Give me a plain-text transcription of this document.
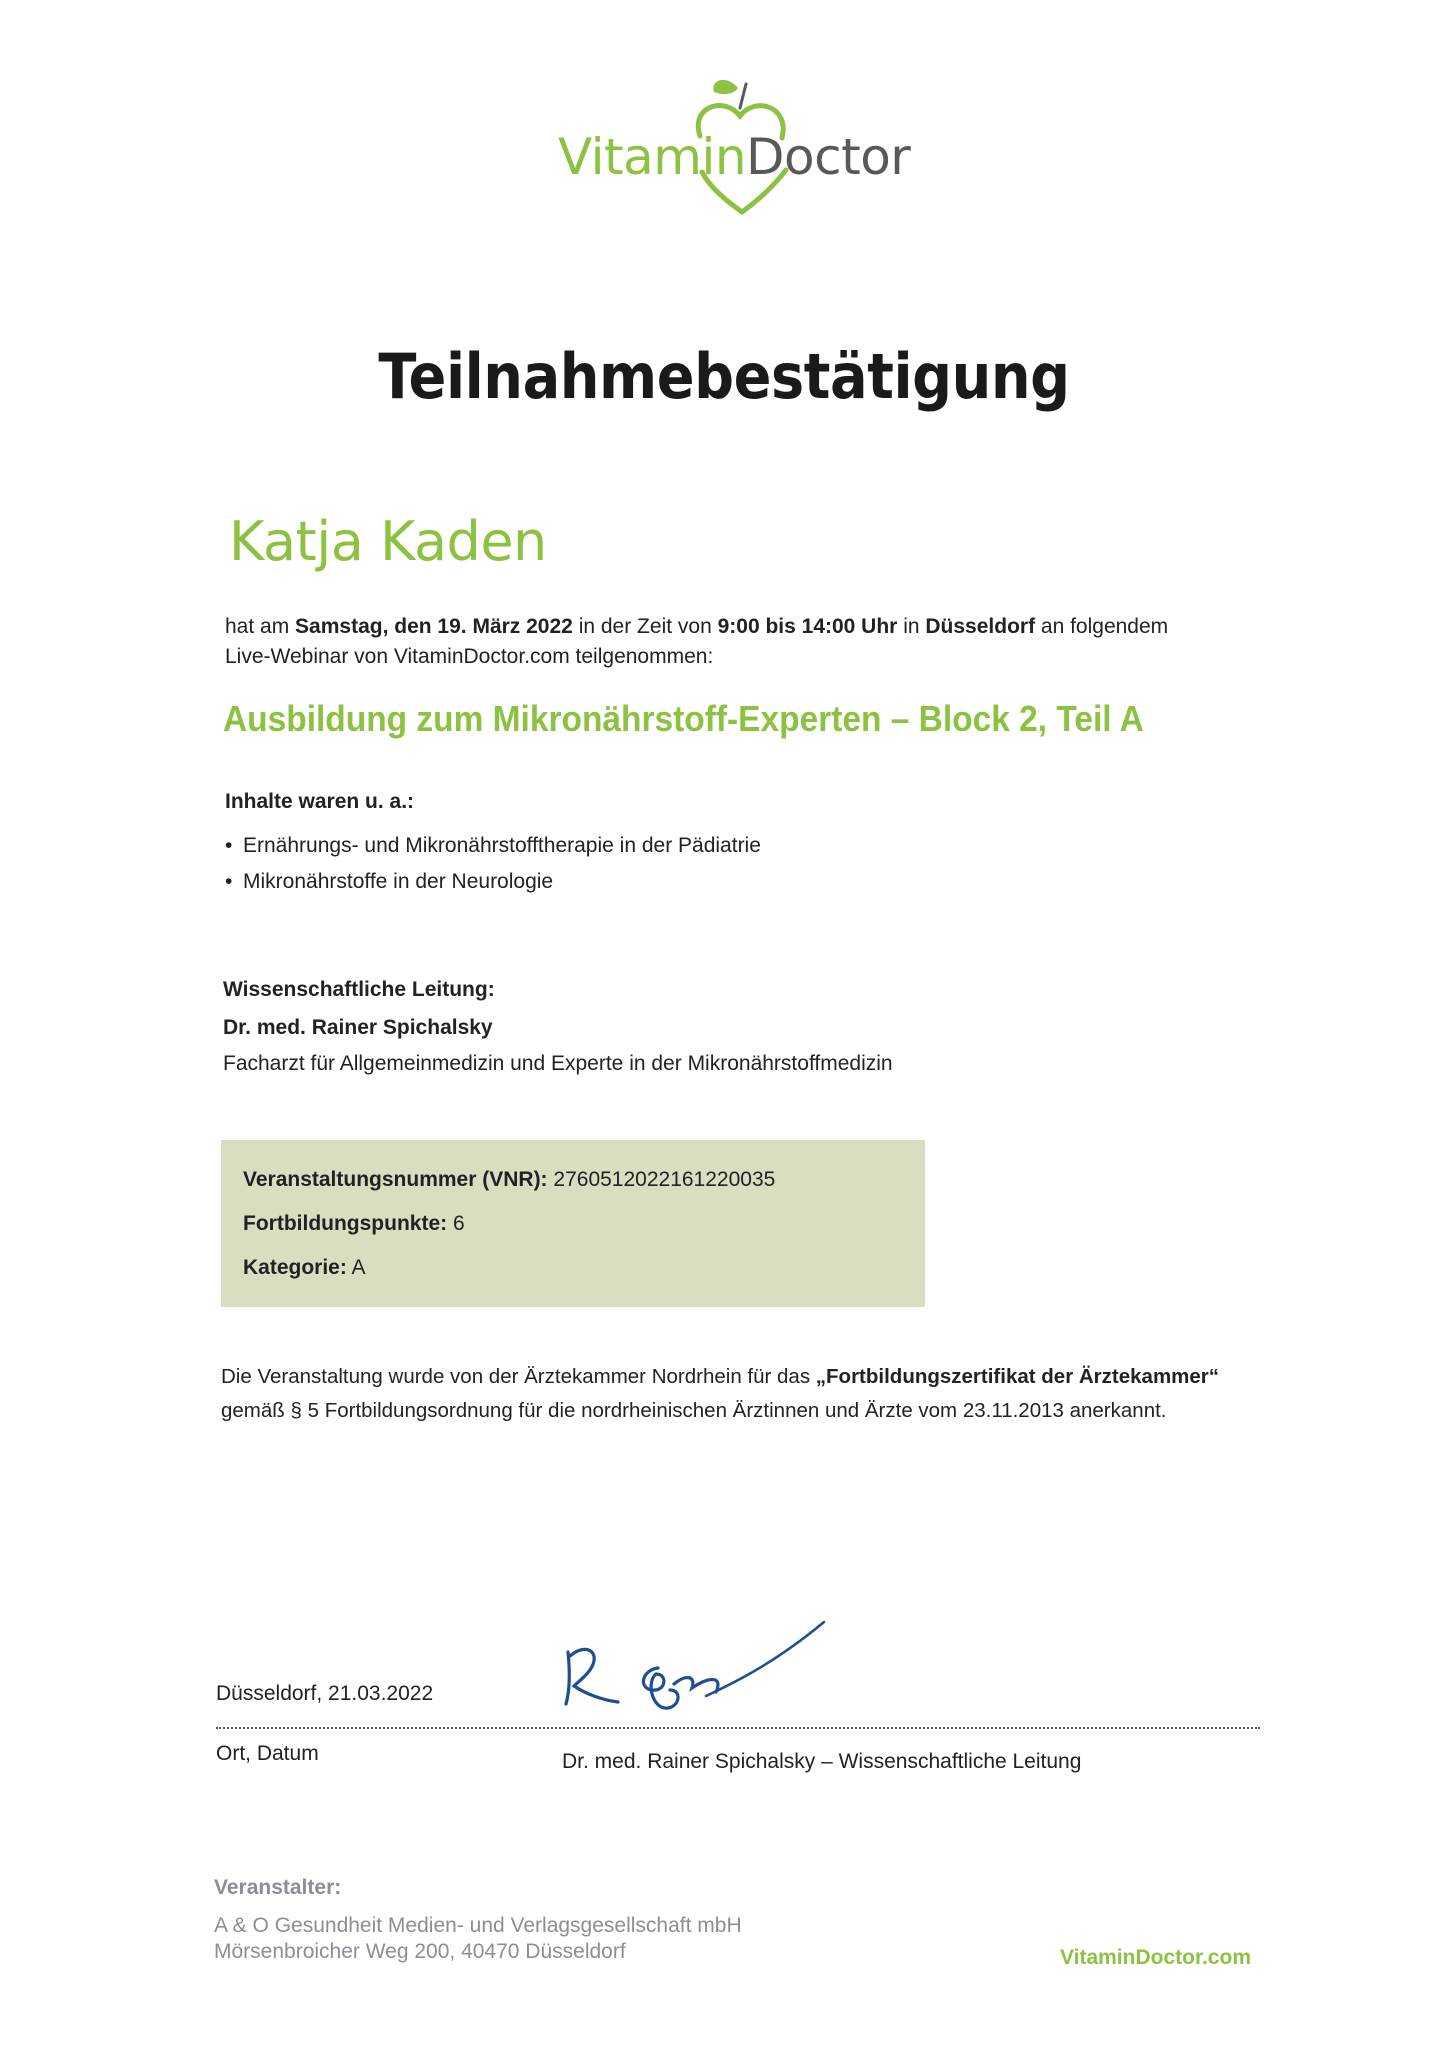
VitaminDoctor
Teilnahmebestätigung
Katja Kaden
hat am Samstag, den 19. März 2022 in der Zeit von 9:00 bis 14:00 Uhr in Düsseldorf an folgendem
Live-Webinar von VitaminDoctor.com teilgenommen:
Ausbildung zum Mikronährstoff-Experten – Block 2, Teil A
Inhalte waren u. a.:
• Ernährungs- und Mikronährstofftherapie in der Pädiatrie
• Mikronährstoffe in der Neurologie
Wissenschaftliche Leitung:
Dr. med. Rainer Spichalsky
Facharzt für Allgemeinmedizin und Experte in der Mikronährstoffmedizin
Veranstaltungsnummer (VNR): 2760512022161220035
Fortbildungspunkte: 6
Kategorie: A
Die Veranstaltung wurde von der Ärztekammer Nordrhein für das „Fortbildungszertifikat der Ärztekammer“
gemäß § 5 Fortbildungsordnung für die nordrheinischen Ärztinnen und Ärzte vom 23.11.2013 anerkannt.
Düsseldorf, 21.03.2022
Ort, Datum	Dr. med. Rainer Spichalsky – Wissenschaftliche Leitung
Veranstalter:
A & O Gesundheit Medien- und Verlagsgesellschaft mbH
Mörsenbroicher Weg 200, 40470 Düsseldorf	VitaminDoctor.com
